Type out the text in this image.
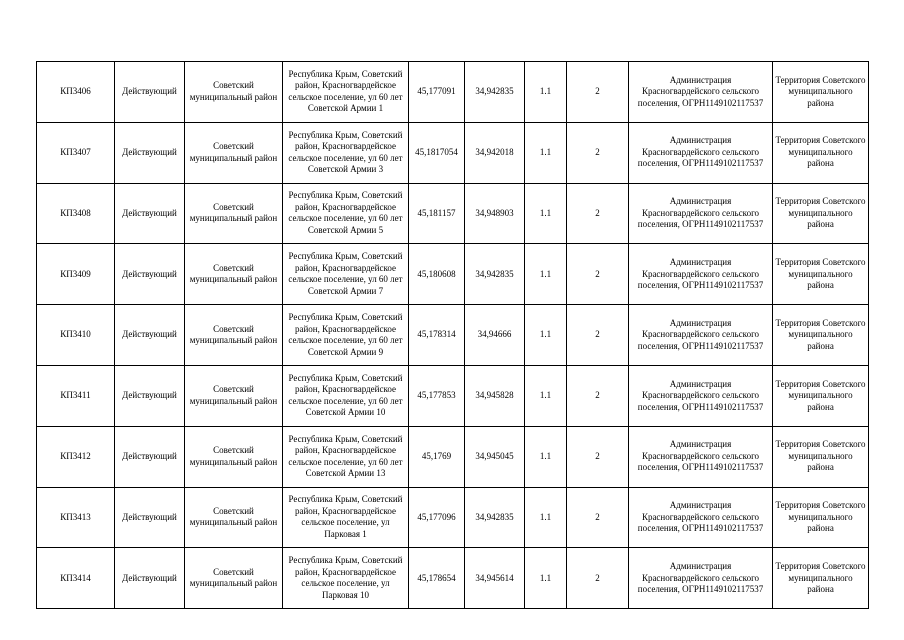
КП3406	Действующий	Советский муниципальный район	Республика Крым, Советский район, Красногвардейское сельское поселение, ул 60 лет Советской Армии 1	45,177091	34,942835	1.1	2	Администрация Красногвардейского сельского поселения, ОГРН1149102117537	Территория Советского муниципального района
КП3407	Действующий	Советский муниципальный район	Республика Крым, Советский район, Красногвардейское сельское поселение, ул 60 лет Советской Армии 3	45,1817054	34,942018	1.1	2	Администрация Красногвардейского сельского поселения, ОГРН1149102117537	Территория Советского муниципального района
КП3408	Действующий	Советский муниципальный район	Республика Крым, Советский район, Красногвардейское сельское поселение, ул 60 лет Советской Армии 5	45,181157	34,948903	1.1	2	Администрация Красногвардейского сельского поселения, ОГРН1149102117537	Территория Советского муниципального района
КП3409	Действующий	Советский муниципальный район	Республика Крым, Советский район, Красногвардейское сельское поселение, ул 60 лет Советской Армии 7	45,180608	34,942835	1.1	2	Администрация Красногвардейского сельского поселения, ОГРН1149102117537	Территория Советского муниципального района
КП3410	Действующий	Советский муниципальный район	Республика Крым, Советский район, Красногвардейское сельское поселение, ул 60 лет Советской Армии 9	45,178314	34,94666	1.1	2	Администрация Красногвардейского сельского поселения, ОГРН1149102117537	Территория Советского муниципального района
КП3411	Действующий	Советский муниципальный район	Республика Крым, Советский район, Красногвардейское сельское поселение, ул 60 лет Советской Армии 10	45,177853	34,945828	1.1	2	Администрация Красногвардейского сельского поселения, ОГРН1149102117537	Территория Советского муниципального района
КП3412	Действующий	Советский муниципальный район	Республика Крым, Советский район, Красногвардейское сельское поселение, ул 60 лет Советской Армии 13	45,1769	34,945045	1.1	2	Администрация Красногвардейского сельского поселения, ОГРН1149102117537	Территория Советского муниципального района
КП3413	Действующий	Советский муниципальный район	Республика Крым, Советский район, Красногвардейское сельское поселение, ул Парковая 1	45,177096	34,942835	1.1	2	Администрация Красногвардейского сельского поселения, ОГРН1149102117537	Территория Советского муниципального района
КП3414	Действующий	Советский муниципальный район	Республика Крым, Советский район, Красногвардейское сельское поселение, ул Парковая 10	45,178654	34,945614	1.1	2	Администрация Красногвардейского сельского поселения, ОГРН1149102117537	Территория Советского муниципального района
